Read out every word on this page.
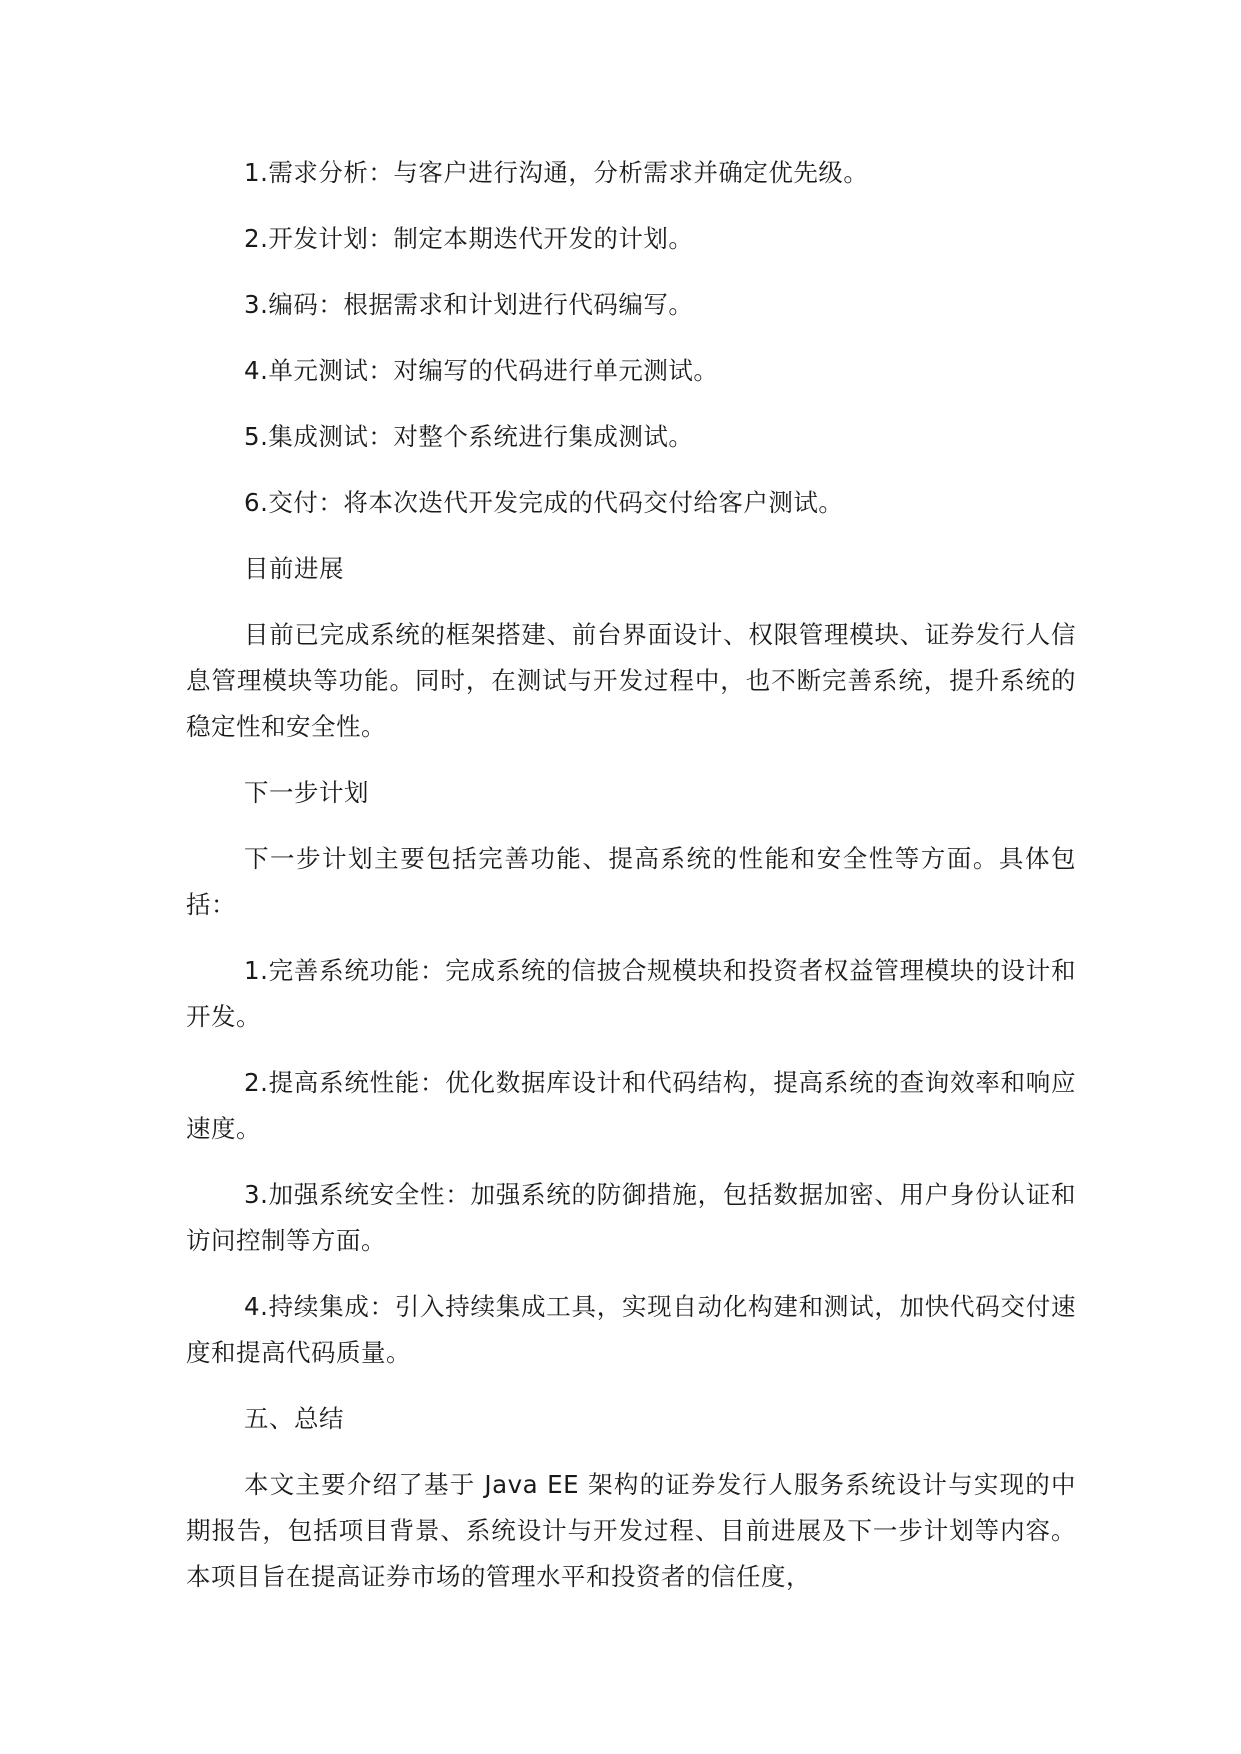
1.需求分析：与客户进行沟通，分析需求并确定优先级。

2.开发计划：制定本期迭代开发的计划。

3.编码：根据需求和计划进行代码编写。

4.单元测试：对编写的代码进行单元测试。

5.集成测试：对整个系统进行集成测试。

6.交付：将本次迭代开发完成的代码交付给客户测试。

目前进展

目前已完成系统的框架搭建、前台界面设计、权限管理模块、证券发行人信息管理模块等功能。同时，在测试与开发过程中，也不断完善系统，提升系统的稳定性和安全性。

下一步计划

下一步计划主要包括完善功能、提高系统的性能和安全性等方面。具体包括：

1.完善系统功能：完成系统的信披合规模块和投资者权益管理模块的设计和开发。

2.提高系统性能：优化数据库设计和代码结构，提高系统的查询效率和响应速度。

3.加强系统安全性：加强系统的防御措施，包括数据加密、用户身份认证和访问控制等方面。

4.持续集成：引入持续集成工具，实现自动化构建和测试，加快代码交付速度和提高代码质量。

五、总结

本文主要介绍了基于 Java EE 架构的证券发行人服务系统设计与实现的中期报告，包括项目背景、系统设计与开发过程、目前进展及下一步计划等内容。本项目旨在提高证券市场的管理水平和投资者的信任度，
